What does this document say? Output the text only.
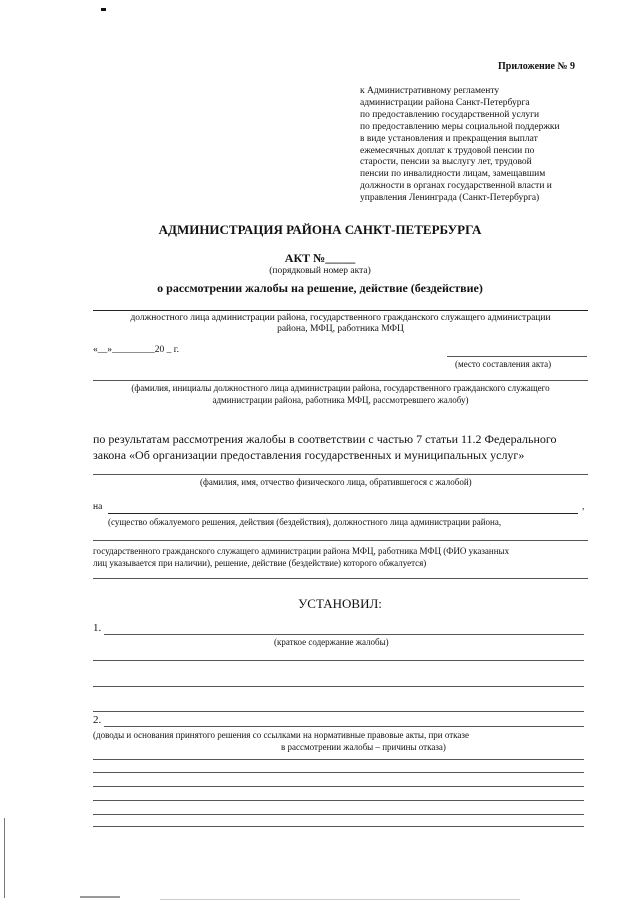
Приложение № 9
к Административному регламенту
администрации района Санкт-Петербурга
по предоставлению государственной услуги
по предоставлению меры социальной поддержки
в виде установления и прекращения выплат
ежемесячных доплат к трудовой пенсии по
старости, пенсии за выслугу лет, трудовой
пенсии по инвалидности лицам, замещавшим
должности в органах государственной власти и
управления Ленинграда (Санкт-Петербурга)
АДМИНИСТРАЦИЯ РАЙОНА САНКТ-ПЕТЕРБУРГА
АКТ №_____
(порядковый номер акта)
о рассмотрении жалобы на решение, действие (бездействие)
должностного лица администрации района, государственного гражданского служащего администрации
района, МФЦ, работника МФЦ
«__»_________20 _ г.
(место составления акта)
(фамилия, инициалы должностного лица администрации района, государственного гражданского служащего
администрации района, работника МФЦ, рассмотревшего жалобу)
по результатам рассмотрения жалобы в соответствии с частью 7 статьи 11.2 Федерального
закона «Об организации предоставления государственных и муниципальных услуг»
(фамилия, имя, отчество физического лица, обратившегося с жалобой)
на	,
(существо обжалуемого решения, действия (бездействия), должностного лица администрации района,
государственного гражданского служащего администрации района МФЦ, работника МФЦ (ФИО указанных
лиц указывается при наличии), решение, действие (бездействие) которого обжалуется)
УСТАНОВИЛ:
1.
(краткое содержание жалобы)
2.
(доводы и основания принятого решения со ссылками на нормативные правовые акты, при отказе
в рассмотрении жалобы – причины отказа)
